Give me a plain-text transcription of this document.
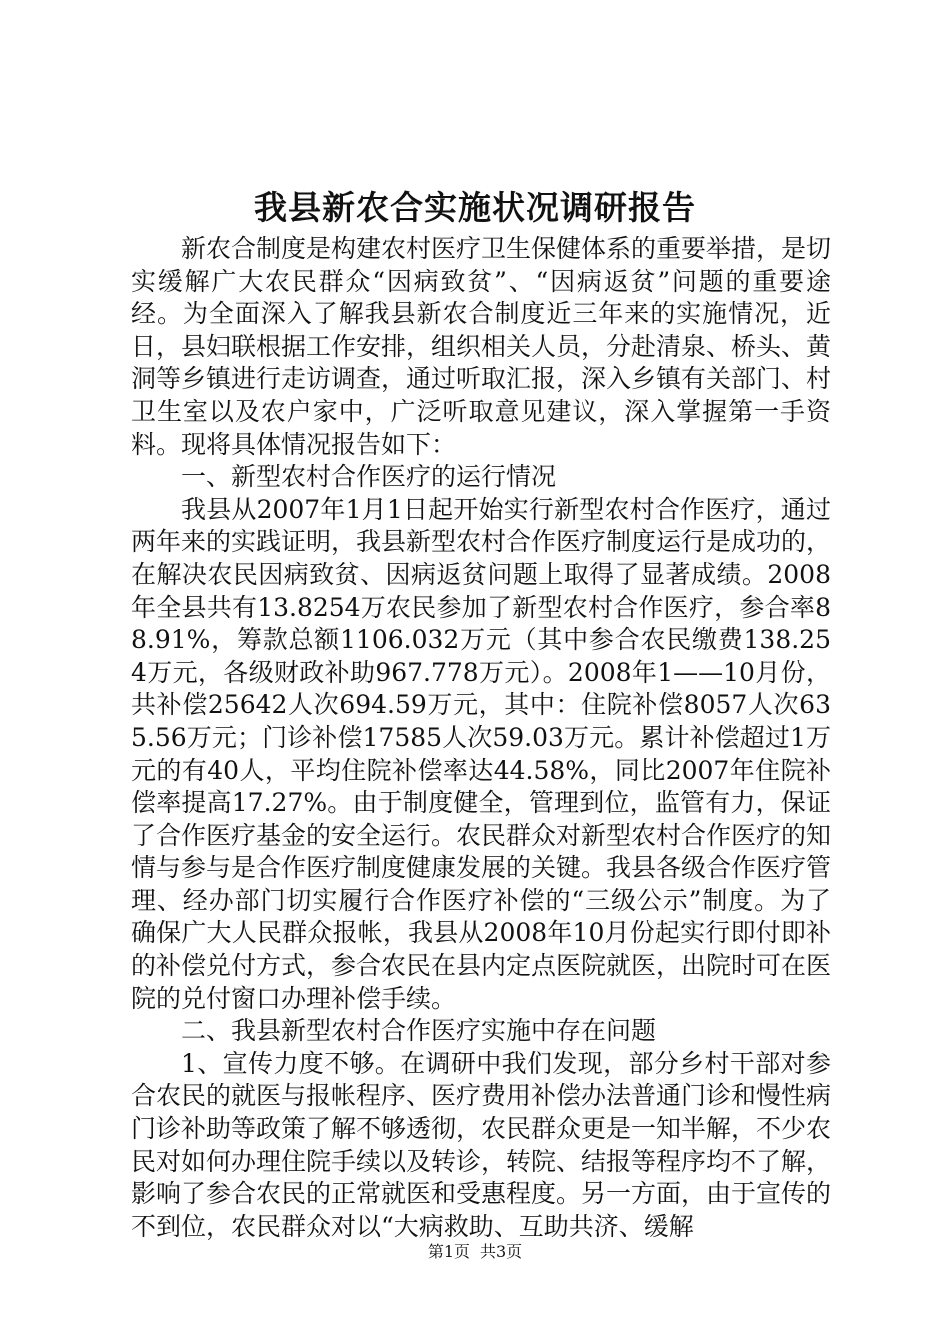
我县新农合实施状况调研报告

新农合制度是构建农村医疗卫生保健体系的重要举措，是切实缓解广大农民群众“因病致贫”、“因病返贫”问题的重要途经。为全面深入了解我县新农合制度近三年来的实施情况，近日，县妇联根据工作安排，组织相关人员，分赴清泉、桥头、黄洞等乡镇进行走访调查，通过听取汇报，深入乡镇有关部门、村卫生室以及农户家中，广泛听取意见建议，深入掌握第一手资料。现将具体情况报告如下：

一、新型农村合作医疗的运行情况

我县从2007年1月1日起开始实行新型农村合作医疗，通过两年来的实践证明，我县新型农村合作医疗制度运行是成功的，在解决农民因病致贫、因病返贫问题上取得了显著成绩。2008年全县共有13.8254万农民参加了新型农村合作医疗，参合率88.91%，筹款总额1106.032万元（其中参合农民缴费138.254万元，各级财政补助967.778万元）。2008年1——10月份，共补偿25642人次694.59万元，其中：住院补偿8057人次635.56万元；门诊补偿17585人次59.03万元。累计补偿超过1万元的有40人，平均住院补偿率达44.58%，同比2007年住院补偿率提高17.27%。由于制度健全，管理到位，监管有力，保证了合作医疗基金的安全运行。农民群众对新型农村合作医疗的知情与参与是合作医疗制度健康发展的关键。我县各级合作医疗管理、经办部门切实履行合作医疗补偿的“三级公示”制度。为了确保广大人民群众报帐，我县从2008年10月份起实行即付即补的补偿兑付方式，参合农民在县内定点医院就医，出院时可在医院的兑付窗口办理补偿手续。

二、我县新型农村合作医疗实施中存在问题

1、宣传力度不够。在调研中我们发现，部分乡村干部对参合农民的就医与报帐程序、医疗费用补偿办法普通门诊和慢性病门诊补助等政策了解不够透彻，农民群众更是一知半解，不少农民对如何办理住院手续以及转诊，转院、结报等程序均不了解，影响了参合农民的正常就医和受惠程度。另一方面，由于宣传的不到位，农民群众对以“大病救助、互助共济、缓解

第1页 共3页
